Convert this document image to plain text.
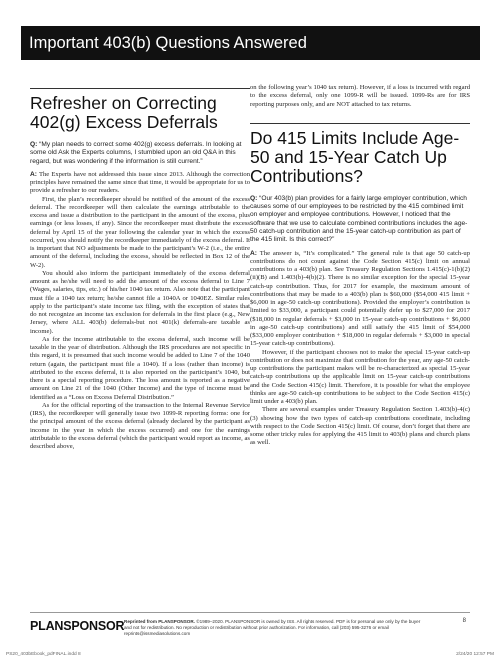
Important 403(b) Questions Answered
Refresher on Correcting 402(g) Excess Deferrals

Q: “My plan needs to correct some 402(g) excess deferrals. In looking at some old Ask the Experts columns, I stumbled upon an old Q&A in this regard, but was wondering if the information is still current.”

A: The Experts have not addressed this issue since 2013. Although the correction principles have remained the same since that time, it would be appropriate for us to provide a refresher to our readers.

First, the plan’s recordkeeper should be notified of the amount of the excess deferral. The recordkeeper will then calculate the earnings attributable to the excess and issue a distribution to the participant in the amount of the excess, plus earnings (or less losses, if any). Since the recordkeeper must distribute the excess deferral by April 15 of the year following the calendar year in which the excess occurred, you should notify the recordkeeper immediately of the excess deferral. It is important that NO adjustments be made to the participant’s W-2 (i.e., the entire amount of the deferral, including the excess, should be reflected in Box 12 of the W-2).

You should also inform the participant immediately of the excess deferral amount as he/she will need to add the amount of the excess deferral to Line 7 (Wages, salaries, tips, etc.) of his/her 1040 tax return. Also note that the participant must file a 1040 tax return; he/she cannot file a 1040A or 1040EZ. Similar rules apply to the participant’s state income tax filing, with the exception of states that do not recognize an income tax exclusion for deferrals in the first place (e.g., New Jersey, where ALL 403(b) deferrals-but not 401(k) deferrals-are taxable as income).

As for the income attributable to the excess deferral, such income will be taxable in the year of distribution. Although the IRS procedures are not specific in this regard, it is presumed that such income would be added to Line 7 of the 1040 return (again, the participant must file a 1040). If a loss (rather than income) is attributed to the excess deferral, it is also reported on the participant’s 1040, but there is a special reporting procedure. The loss amount is reported as a negative amount on Line 21 of the 1040 (Other Income) and the type of income must be identified as a “Loss on Excess Deferral Distribution.”

As for the official reporting of the transaction to the Internal Revenue Service (IRS), the recordkeeper will generally issue two 1099-R reporting forms: one for the principal amount of the excess deferral (already declared by the participant as income in the year in which the excess occurred) and one for the earnings attributable to the excess deferral (which the participant would report as income, as described above,

on the following year’s 1040 tax return). However, if a loss is incurred with regard to the excess deferral, only one 1099-R will be issued. 1099-Rs are for IRS reporting purposes only, and are NOT attached to tax returns.

Do 415 Limits Include Age-50 and 15-Year Catch Up Contributions?

Q: “Our 403(b) plan provides for a fairly large employer contribution, which causes some of our employees to be restricted by the 415 combined limit on employer and employee contributions. However, I noticed that the software that we use to calculate combined contributions includes the age-50 catch-up contribution and the 15-year catch-up contribution as part of the 415 limit. Is this correct?”

A: The answer is, “It’s complicated.” The general rule is that age 50 catch-up contributions do not count against the Code Section 415(c) limit on annual contributions to a 403(b) plan. See Treasury Regulation Sections 1.415(c)-1(b)(2)(ii)(B) and 1.403(b)-4(b)(2). There is no similar exception for the special 15-year catch-up contribution. Thus, for 2017 for example, the maximum amount of contributions that may be made to a 403(b) plan is $60,000 ($54,000 415 limit + $6,000 in age-50 catch-up contributions). Provided the employer’s contribution is limited to $33,000, a participant could potentially defer up to $27,000 for 2017 ($18,000 in regular deferrals + $3,000 in 15-year catch-up contributions + $6,000 in age-50 catch-up contributions) and still satisfy the 415 limit of $54,000 ($33,000 employer contribution + $18,000 in regular deferrals + $3,000 in special 15-year catch-up contributions).

However, if the participant chooses not to make the special 15-year catch-up contribution or does not maximize that contribution for the year, any age-50 catch-up contributions the participant makes will be re-characterized as special 15-year catch-up contributions up the applicable limit on 15-year catch-up contributions and the Code Section 415(c) limit. Therefore, it is possible for what the employee thinks are age-50 catch-up contributions to be subject to the Code Section 415(c) limit under a 403(b) plan.

There are several examples under Treasury Regulation Section 1.403(b)-4(c)(3) showing how the two types of catch-up contributions coordinate, including with respect to the Code Section 415(c) limit. Of course, don’t forget that there are some other tricky rules for applying the 415 limit to 403(b) plans and church plans as well.

PLANSPONSOR Reprinted from PLANSPONSOR. ©1989–2020. PLANSPONSOR is owned by ISS. All rights reserved. PDF is for personal use only by the buyer and not for redistribution. No reproduction or redistribution without prior authorization. For information, call (203) 595-3276 or email reprints@issmediasolutions.com

8
PS20_403bEbook_pdFINAL.indd 8	2/24/20 12:57 PM
